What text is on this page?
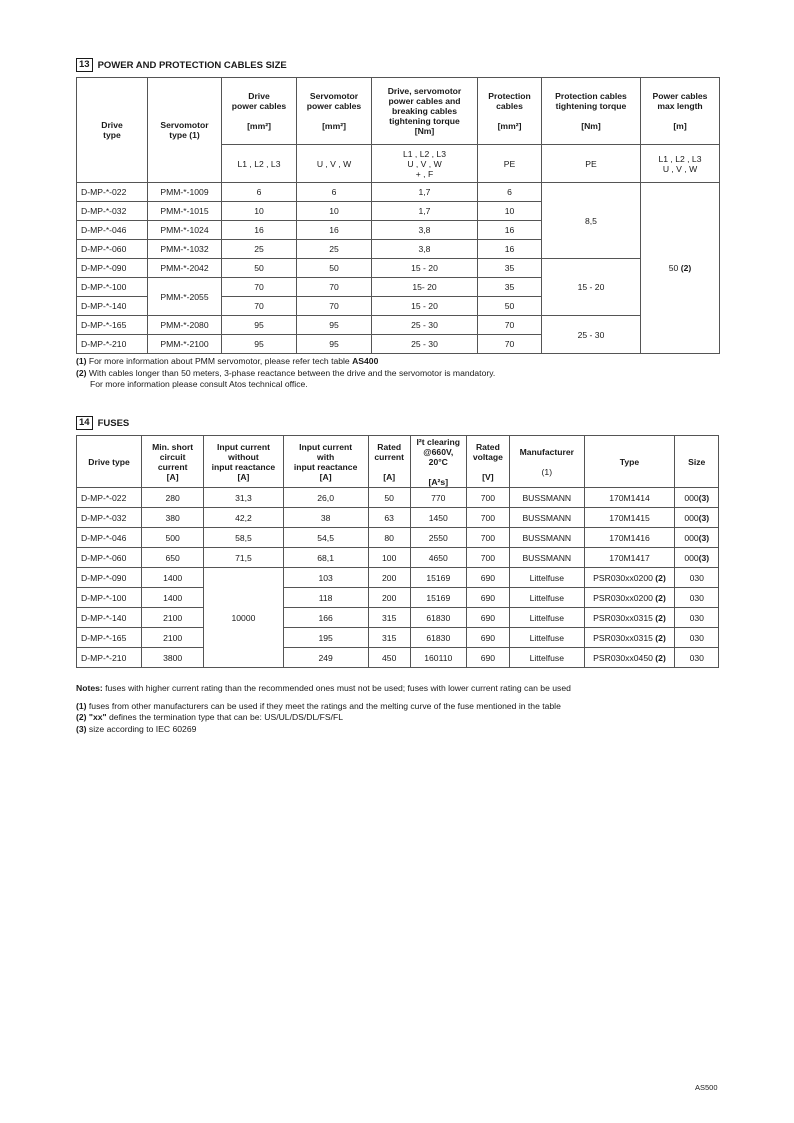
13 POWER AND PROTECTION CABLES SIZE
Drive
type	Servomotor
type (1)	Drive
power cables

[mm²]	Servomotor
power cables

[mm²]	Drive, servomotor
power cables and
breaking cables
tightening torque
[Nm]	Protection
cables

[mm²]	Protection cables
tightening torque

[Nm]	Power cables
max length

[m]
		L1 , L2 , L3	U , V , W	L1 , L2 , L3
U , V , W
+ , F	PE	PE	L1 , L2 , L3
U , V , W
D-MP-*-022	PMM-*-1009	6	6	1,7	6	8,5	50 (2)
D-MP-*-032	PMM-*-1015	10	10	1,7	10		
D-MP-*-046	PMM-*-1024	16	16	3,8	16		
D-MP-*-060	PMM-*-1032	25	25	3,8	16		
D-MP-*-090	PMM-*-2042	50	50	15 - 20	35	15 - 20	
D-MP-*-100	PMM-*-2055	70	70	15- 20	35		
D-MP-*-140		70	70	15 - 20	50		
D-MP-*-165	PMM-*-2080	95	95	25 - 30	70	25 - 30	
D-MP-*-210	PMM-*-2100	95	95	25 - 30	70		
(1) For more information about PMM servomotor, please refer tech table AS400
(2) With cables longer than 50 meters, 3-phase reactance between the drive and the servomotor is mandatory.
For more information please consult Atos technical office.
14 FUSES
Drive type	Min. short
circuit
current
[A]	Input current
without
input reactance
[A]	Input current
with
input reactance
[A]	Rated
current

[A]	I²t clearing
@660V, 20°C

[A²s]	Rated
voltage

[V]	Manufacturer

(1)	Type	Size
D-MP-*-022	280	31,3	26,0	50	770	700	BUSSMANN	170M1414	000(3)
D-MP-*-032	380	42,2	38	63	1450	700	BUSSMANN	170M1415	000(3)
D-MP-*-046	500	58,5	54,5	80	2550	700	BUSSMANN	170M1416	000(3)
D-MP-*-060	650	71,5	68,1	100	4650	700	BUSSMANN	170M1417	000(3)
D-MP-*-090	1400	10000	103	200	15169	690	Littelfuse	PSR030xx0200 (2)	030
D-MP-*-100	1400		118	200	15169	690	Littelfuse	PSR030xx0200 (2)	030
D-MP-*-140	2100		166	315	61830	690	Littelfuse	PSR030xx0315 (2)	030
D-MP-*-165	2100		195	315	61830	690	Littelfuse	PSR030xx0315 (2)	030
D-MP-*-210	3800		249	450	160110	690	Littelfuse	PSR030xx0450 (2)	030
Notes: fuses with higher current rating than the recommended ones must not be used; fuses with lower current rating can be used
(1) fuses from other manufacturers can be used if they meet the ratings and the melting curve of the fuse mentioned in the table
(2) "xx" defines the termination type that can be: US/UL/DS/DL/FS/FL
(3) size according to IEC 60269
AS500
